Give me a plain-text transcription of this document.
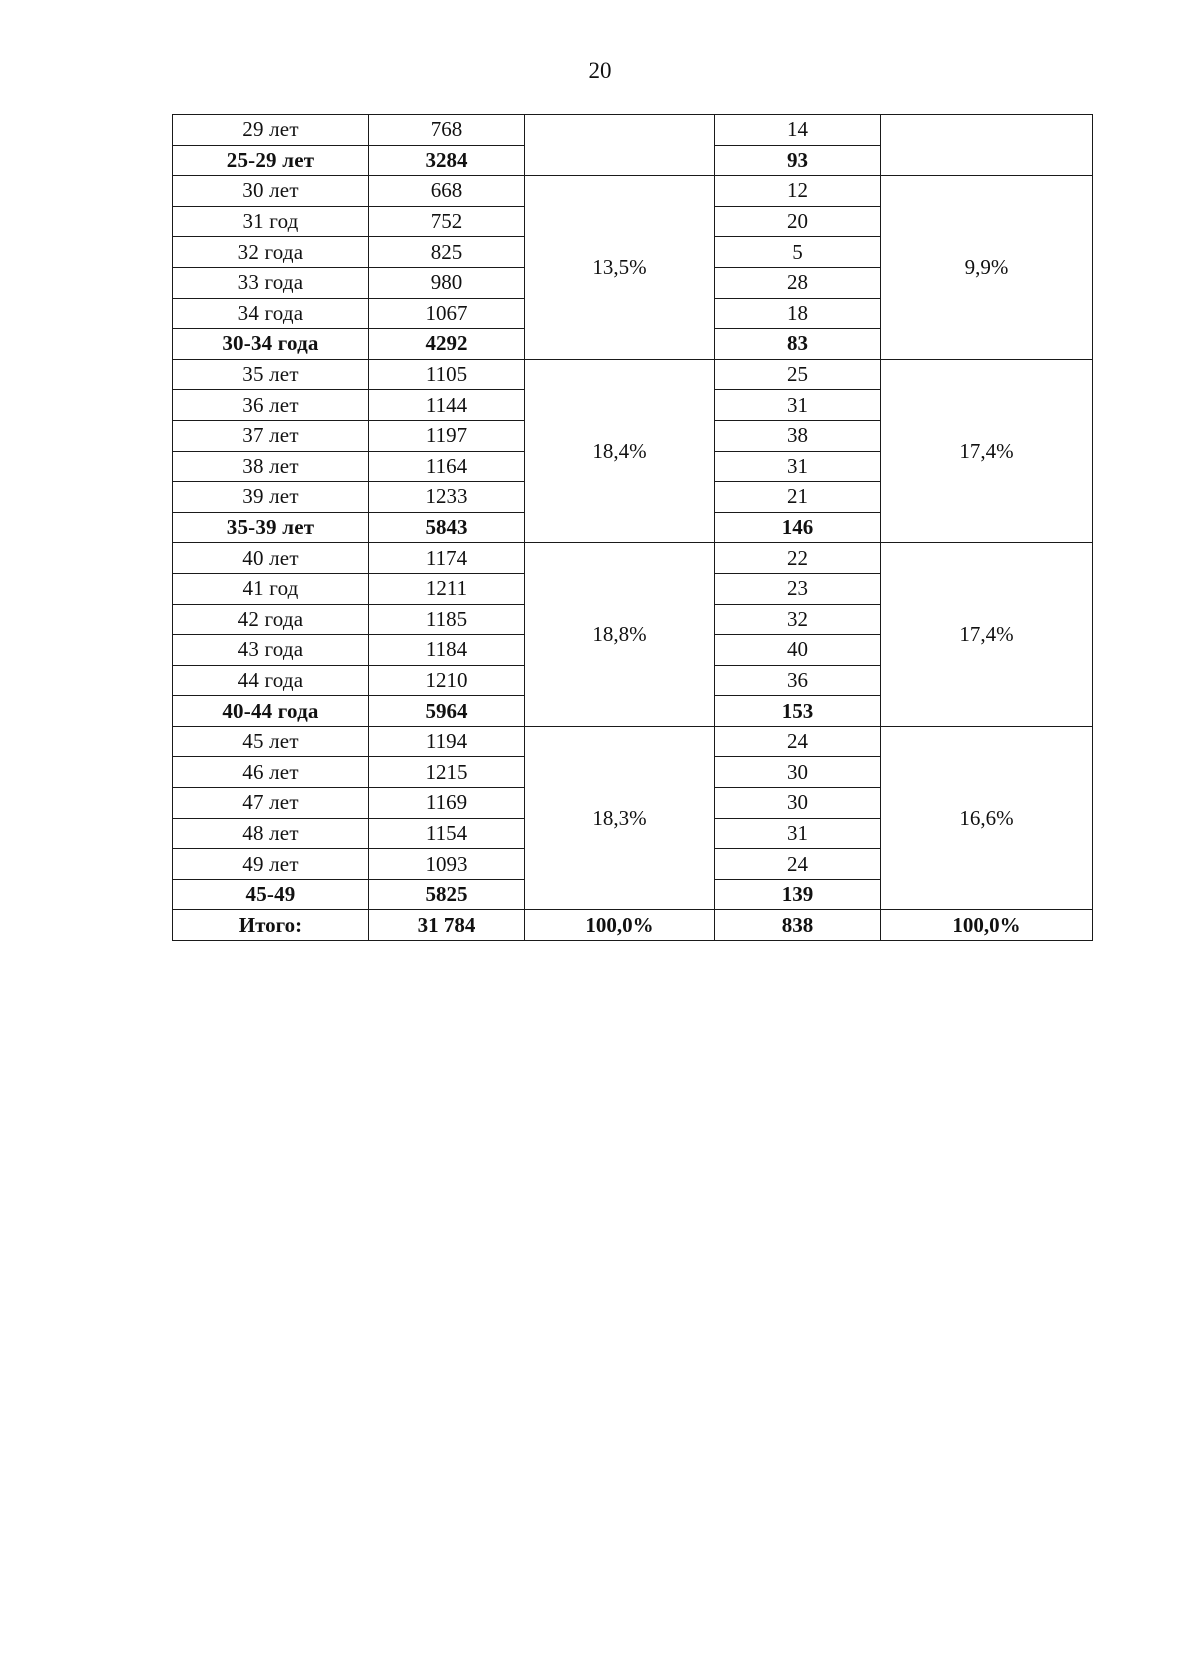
20
29 лет	768		14	
25-29 лет	3284		93	
30 лет	668	13,5%	12	9,9%
31 год	752		20	
32 года	825		5	
33 года	980		28	
34 года	1067		18	
30-34 года	4292		83	
35 лет	1105	18,4%	25	17,4%
36 лет	1144		31	
37 лет	1197		38	
38 лет	1164		31	
39 лет	1233		21	
35-39 лет	5843		146	
40 лет	1174	18,8%	22	17,4%
41 год	1211		23	
42 года	1185		32	
43 года	1184		40	
44 года	1210		36	
40-44 года	5964		153	
45 лет	1194	18,3%	24	16,6%
46 лет	1215		30	
47 лет	1169		30	
48 лет	1154		31	
49 лет	1093		24	
45-49	5825		139	
Итого:	31 784	100,0%	838	100,0%
